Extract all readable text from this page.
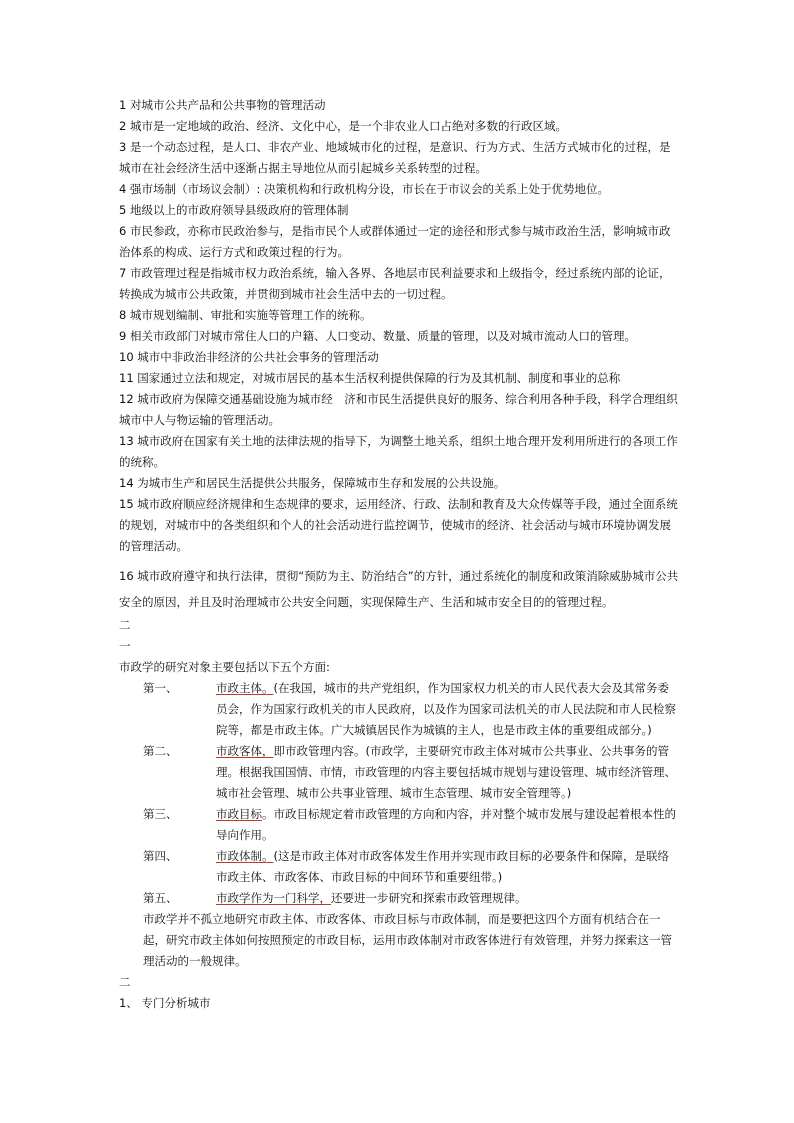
1 对城市公共产品和公共事物的管理活动

2 城市是一定地域的政治、经济、文化中心，是一个非农业人口占绝对多数的行政区域。

3 是一个动态过程，是人口、非农产业、地域城市化的过程，是意识、行为方式、生活方式城市化的过程，是城市在社会经济生活中逐渐占据主导地位从而引起城乡关系转型的过程。

4 强市场制（市场议会制）: 决策机构和行政机构分设，市长在于市议会的关系上处于优势地位。

5 地级以上的市政府领导县级政府的管理体制

6 市民参政，亦称市民政治参与，是指市民个人或群体通过一定的途径和形式参与城市政治生活，影响城市政治体系的构成、运行方式和政策过程的行为。

7 市政管理过程是指城市权力政治系统，输入各界、各地层市民利益要求和上级指令，经过系统内部的论证，转换成为城市公共政策，并贯彻到城市社会生活中去的一切过程。

8 城市规划编制、审批和实施等管理工作的统称。

9 相关市政部门对城市常住人口的户籍、人口变动、数量、质量的管理，以及对城市流动人口的管理。

10 城市中非政治非经济的公共社会事务的管理活动

11 国家通过立法和规定，对城市居民的基本生活权利提供保障的行为及其机制、制度和事业的总称

12 城市政府为保障交通基础设施为城市经　济和市民生活提供良好的服务、综合利用各种手段，科学合理组织城市中人与物运输的管理活动。

13 城市政府在国家有关土地的法律法规的指导下，为调整土地关系，组织土地合理开发利用所进行的各项工作的统称。

14 为城市生产和居民生活提供公共服务，保障城市生存和发展的公共设施。

15 城市政府顺应经济规律和生态规律的要求，运用经济、行政、法制和教育及大众传媒等手段，通过全面系统的规划，对城市中的各类组织和个人的社会活动进行监控调节，使城市的经济、社会活动与城市环境协调发展的管理活动。

16 城市政府遵守和执行法律，贯彻“预防为主、防治结合”的方针，通过系统化的制度和政策消除威胁城市公共安全的原因，并且及时治理城市公共安全问题，实现保障生产、生活和城市安全目的的管理过程。

二

一

市政学的研究对象主要包括以下五个方面:

第一、	市政主体。(在我国，城市的共产党组织，作为国家权力机关的市人民代表大会及其常务委员会，作为国家行政机关的市人民政府，以及作为国家司法机关的市人民法院和市人民检察院等，都是市政主体。广大城镇居民作为城镇的主人，也是市政主体的重要组成部分。)
第二、	市政客体，即市政管理内容。(市政学，主要研究市政主体对城市公共事业、公共事务的管理。根据我国国情、市情，市政管理的内容主要包括城市规划与建设管理、城市经济管理、城市社会管理、城市公共事业管理、城市生态管理、城市安全管理等。)
第三、	市政目标。市政目标规定着市政管理的方向和内容，并对整个城市发展与建设起着根本性的导向作用。
第四、	市政体制。(这是市政主体对市政客体发生作用并实现市政目标的必要条件和保障，是联络市政主体、市政客体、市政目标的中间环节和重要纽带。)
第五、	市政学作为一门科学，还要进一步研究和探索市政管理规律。

市政学并不孤立地研究市政主体、市政客体、市政目标与市政体制，而是要把这四个方面有机结合在一起，研究市政主体如何按照预定的市政目标，运用市政体制对市政客体进行有效管理，并努力探索这一管理活动的一般规律。

二

1、 专门分析城市
